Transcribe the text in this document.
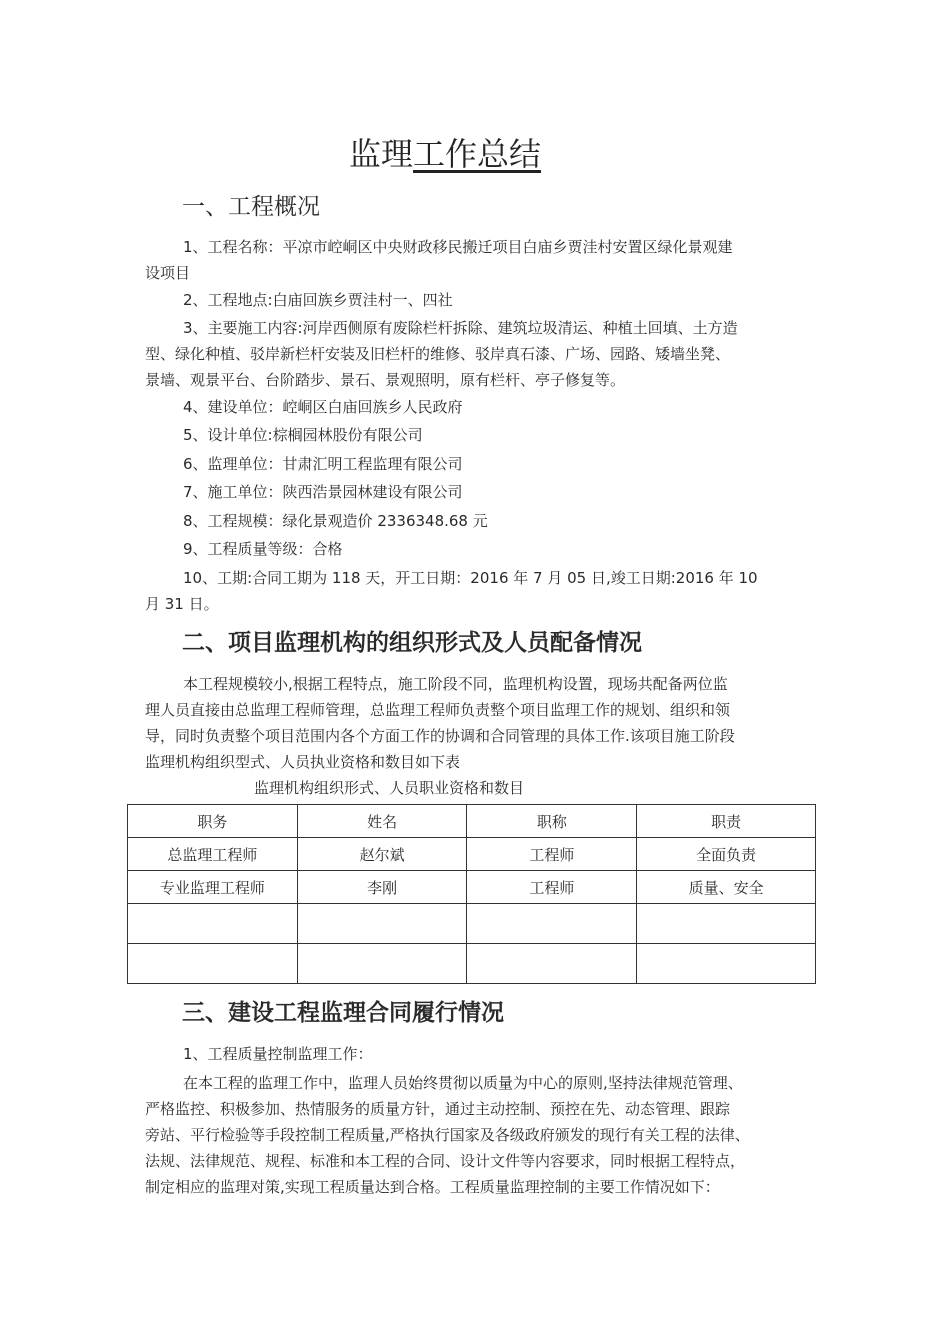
监理工作总结
一、工程概况
1、工程名称：平凉市崆峒区中央财政移民搬迁项目白庙乡贾洼村安置区绿化景观建
设项目
2、工程地点:白庙回族乡贾洼村一、四社
3、主要施工内容:河岸西侧原有废除栏杆拆除、建筑垃圾清运、种植土回填、土方造
型、绿化种植、驳岸新栏杆安装及旧栏杆的维修、驳岸真石漆、广场、园路、矮墙坐凳、
景墙、观景平台、台阶踏步、景石、景观照明，原有栏杆、亭子修复等。
4、建设单位：崆峒区白庙回族乡人民政府
5、设计单位:棕榈园林股份有限公司
6、监理单位：甘肃汇明工程监理有限公司
7、施工单位：陕西浩景园林建设有限公司
8、工程规模：绿化景观造价 2336348.68 元
9、工程质量等级：合格
10、工期:合同工期为 118 天，开工日期：2016 年 7 月 05 日,竣工日期:2016 年 10
月 31 日。
二、项目监理机构的组织形式及人员配备情况
本工程规模较小,根据工程特点，施工阶段不同，监理机构设置，现场共配备两位监
理人员直接由总监理工程师管理，总监理工程师负责整个项目监理工作的规划、组织和领
导，同时负责整个项目范围内各个方面工作的协调和合同管理的具体工作.该项目施工阶段
监理机构组织型式、人员执业资格和数目如下表
监理机构组织形式、人员职业资格和数目
职务	姓名	职称	职责
总监理工程师	赵尔斌	工程师	全面负责
专业监理工程师	李刚	工程师	质量、安全

三、建设工程监理合同履行情况
1、工程质量控制监理工作：
在本工程的监理工作中，监理人员始终贯彻以质量为中心的原则,坚持法律规范管理、
严格监控、积极参加、热情服务的质量方针，通过主动控制、预控在先、动态管理、跟踪
旁站、平行检验等手段控制工程质量,严格执行国家及各级政府颁发的现行有关工程的法律、
法规、法律规范、规程、标准和本工程的合同、设计文件等内容要求，同时根据工程特点，
制定相应的监理对策,实现工程质量达到合格。工程质量监理控制的主要工作情况如下：
